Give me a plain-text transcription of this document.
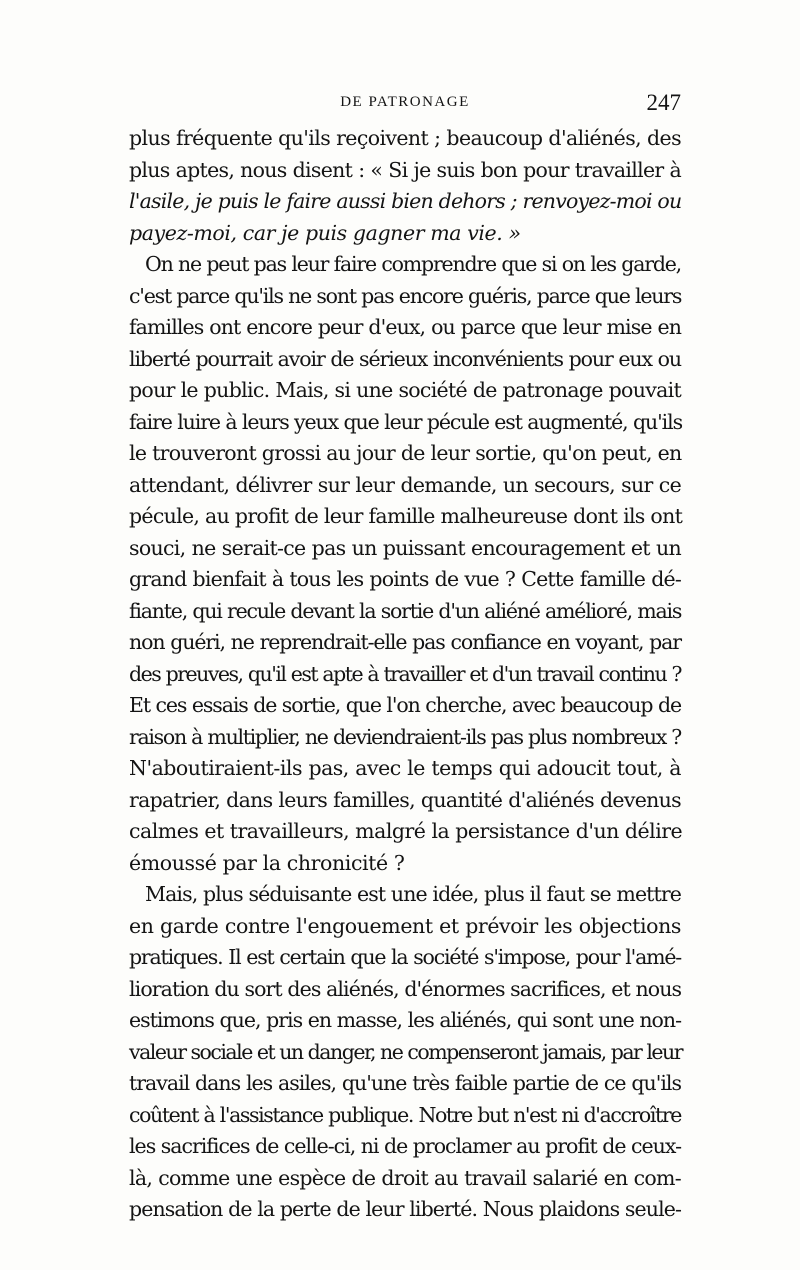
DE PATRONAGE	247
plus fréquente qu'ils reçoivent ; beaucoup d'aliénés, des
plus aptes, nous disent : « Si je suis bon pour travailler à
l'asile, je puis le faire aussi bien dehors ; renvoyez-moi ou
payez-moi, car je puis gagner ma vie. »
On ne peut pas leur faire comprendre que si on les garde,
c'est parce qu'ils ne sont pas encore guéris, parce que leurs
familles ont encore peur d'eux, ou parce que leur mise en
liberté pourrait avoir de sérieux inconvénients pour eux ou
pour le public. Mais, si une société de patronage pouvait
faire luire à leurs yeux que leur pécule est augmenté, qu'ils
le trouveront grossi au jour de leur sortie, qu'on peut, en
attendant, délivrer sur leur demande, un secours, sur ce
pécule, au profit de leur famille malheureuse dont ils ont
souci, ne serait-ce pas un puissant encouragement et un
grand bienfait à tous les points de vue ? Cette famille dé-
fiante, qui recule devant la sortie d'un aliéné amélioré, mais
non guéri, ne reprendrait-elle pas confiance en voyant, par
des preuves, qu'il est apte à travailler et d'un travail continu ?
Et ces essais de sortie, que l'on cherche, avec beaucoup de
raison à multiplier, ne deviendraient-ils pas plus nombreux ?
N'aboutiraient-ils pas, avec le temps qui adoucit tout, à
rapatrier, dans leurs familles, quantité d'aliénés devenus
calmes et travailleurs, malgré la persistance d'un délire
émoussé par la chronicité ?
Mais, plus séduisante est une idée, plus il faut se mettre
en garde contre l'engouement et prévoir les objections
pratiques. Il est certain que la société s'impose, pour l'amé-
lioration du sort des aliénés, d'énormes sacrifices, et nous
estimons que, pris en masse, les aliénés, qui sont une non-
valeur sociale et un danger, ne compenseront jamais, par leur
travail dans les asiles, qu'une très faible partie de ce qu'ils
coûtent à l'assistance publique. Notre but n'est ni d'accroître
les sacrifices de celle-ci, ni de proclamer au profit de ceux-
là, comme une espèce de droit au travail salarié en com-
pensation de la perte de leur liberté. Nous plaidons seule-
